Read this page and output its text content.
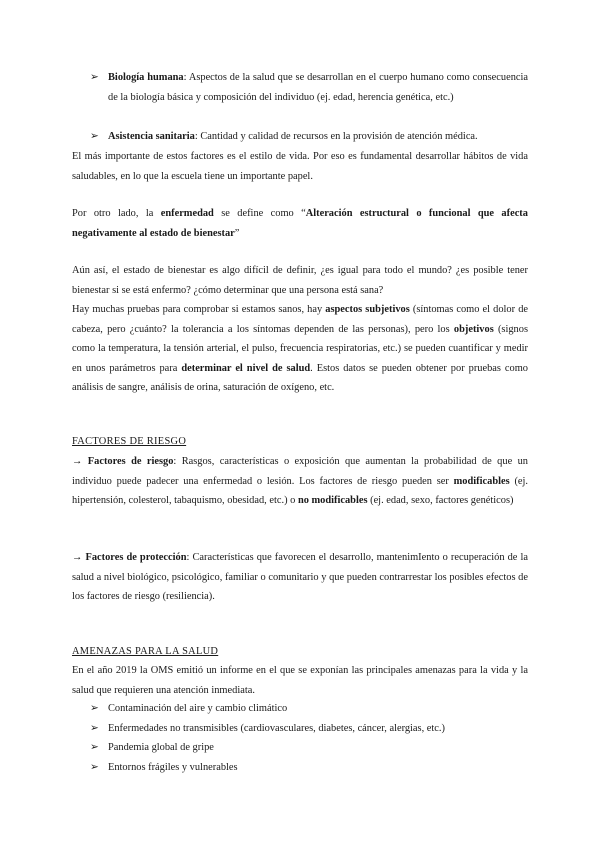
➢ Biología humana: Aspectos de la salud que se desarrollan en el cuerpo humano como consecuencia de la biología básica y composición del individuo (ej. edad, herencia genética, etc.)
➢ Asistencia sanitaria: Cantidad y calidad de recursos en la provisión de atención médica.
El más importante de estos factores es el estilo de vida. Por eso es fundamental desarrollar hábitos de vida saludables, en lo que la escuela tiene un importante papel.
Por otro lado, la enfermedad se define como “Alteración estructural o funcional que afecta negativamente al estado de bienestar”
Aún así, el estado de bienestar es algo difícil de definir, ¿es igual para todo el mundo? ¿es posible tener bienestar si se está enfermo? ¿cómo determinar que una persona está sana?
Hay muchas pruebas para comprobar si estamos sanos, hay aspectos subjetivos (síntomas como el dolor de cabeza, pero ¿cuánto? la tolerancia a los síntomas dependen de las personas), pero los objetivos (signos como la temperatura, la tensión arterial, el pulso, frecuencia respiratorias, etc.) se pueden cuantificar y medir en unos parámetros para determinar el nivel de salud. Estos datos se pueden obtener por pruebas como análisis de sangre, análisis de orina, saturación de oxígeno, etc.
FACTORES DE RIESGO
→ Factores de riesgo: Rasgos, características o exposición que aumentan la probabilidad de que un individuo puede padecer una enfermedad o lesión. Los factores de riesgo pueden ser modificables (ej. hipertensión, colesterol, tabaquismo, obesidad, etc.) o no modificables (ej. edad, sexo, factores genéticos)
→ Factores de protección: Características que favorecen el desarrollo, mantenimIento o recuperación de la salud a nivel biológico, psicológico, familiar o comunitario y que pueden contrarrestar los posibles efectos de los factores de riesgo (resiliencia).
AMENAZAS PARA LA SALUD
En el año 2019 la OMS emitió un informe en el que se exponían las principales amenazas para la vida y la salud que requieren una atención inmediata.
➢ Contaminación del aire y cambio climático
➢ Enfermedades no transmisibles (cardiovasculares, diabetes, cáncer, alergias, etc.)
➢ Pandemia global de gripe
➢ Entornos frágiles y vulnerables
